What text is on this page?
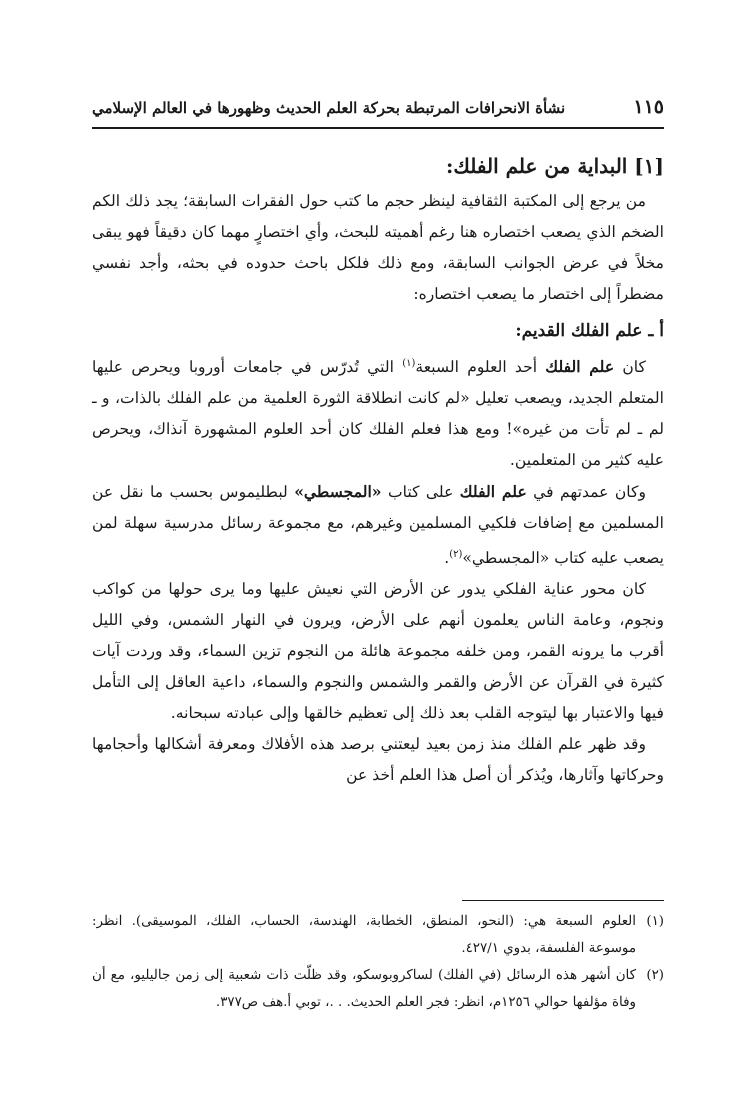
نشأة الانحرافات المرتبطة بحركة العلم الحديث وظهورها في العالم الإسلامي	١١٥
[١] البداية من علم الفلك:

من يرجع إلى المكتبة الثقافية لينظر حجم ما كتب حول الفقرات السابقة؛ يجد ذلك الكم الضخم الذي يصعب اختصاره هنا رغم أهميته للبحث، وأي اختصارٍ مهما كان دقيقاً فهو يبقى مخلاً في عرض الجوانب السابقة، ومع ذلك فلكل باحث حدوده في بحثه، وأجد نفسي مضطراً إلى اختصار ما يصعب اختصاره:

أ ـ علم الفلك القديم:

كان علم الفلك أحد العلوم السبعة$^{(١)}$ التي تُدرّس في جامعات أوروبا ويحرص عليها المتعلم الجديد، ويصعب تعليل «لم كانت انطلاقة الثورة العلمية من علم الفلك بالذات، و ـ لم ـ لم تأت من غيره»! ومع هذا فعلم الفلك كان أحد العلوم المشهورة آنذاك، ويحرص عليه كثير من المتعلمين.

وكان عمدتهم في علم الفلك على كتاب «المجسطي» لبطليموس بحسب ما نقل عن المسلمين مع إضافات فلكيي المسلمين وغيرهم، مع مجموعة رسائل مدرسية سهلة لمن يصعب عليه كتاب «المجسطي»$^{(٢)}$.

كان محور عناية الفلكي يدور عن الأرض التي نعيش عليها وما يرى حولها من كواكب ونجوم، وعامة الناس يعلمون أنهم على الأرض، ويرون في النهار الشمس، وفي الليل أقرب ما يرونه القمر، ومن خلفه مجموعة هائلة من النجوم تزين السماء، وقد وردت آيات كثيرة في القرآن عن الأرض والقمر والشمس والنجوم والسماء، داعية العاقل إلى التأمل فيها والاعتبار بها ليتوجه القلب بعد ذلك إلى تعظيم خالقها وإلى عبادته سبحانه.

وقد ظهر علم الفلك منذ زمن بعيد ليعتني برصد هذه الأفلاك ومعرفة أشكالها وأحجامها وحركاتها وآثارها، ويُذكر أن أصل هذا العلم أخذ عن

(١)
العلوم السبعة هي: (النحو، المنطق، الخطابة، الهندسة، الحساب، الفلك، الموسيقى). انظر: موسوعة الفلسفة، بدوي ٤٢٧/١.
(٢)
كان أشهر هذه الرسائل (في الفلك) لساكروبوسكو، وقد ظلّت ذات شعبية إلى زمن جاليليو، مع أن وفاة مؤلفها حوالي ١٢٥٦م، انظر: فجر العلم الحديث. . .، توبي أ.هف ص٣٧٧.
